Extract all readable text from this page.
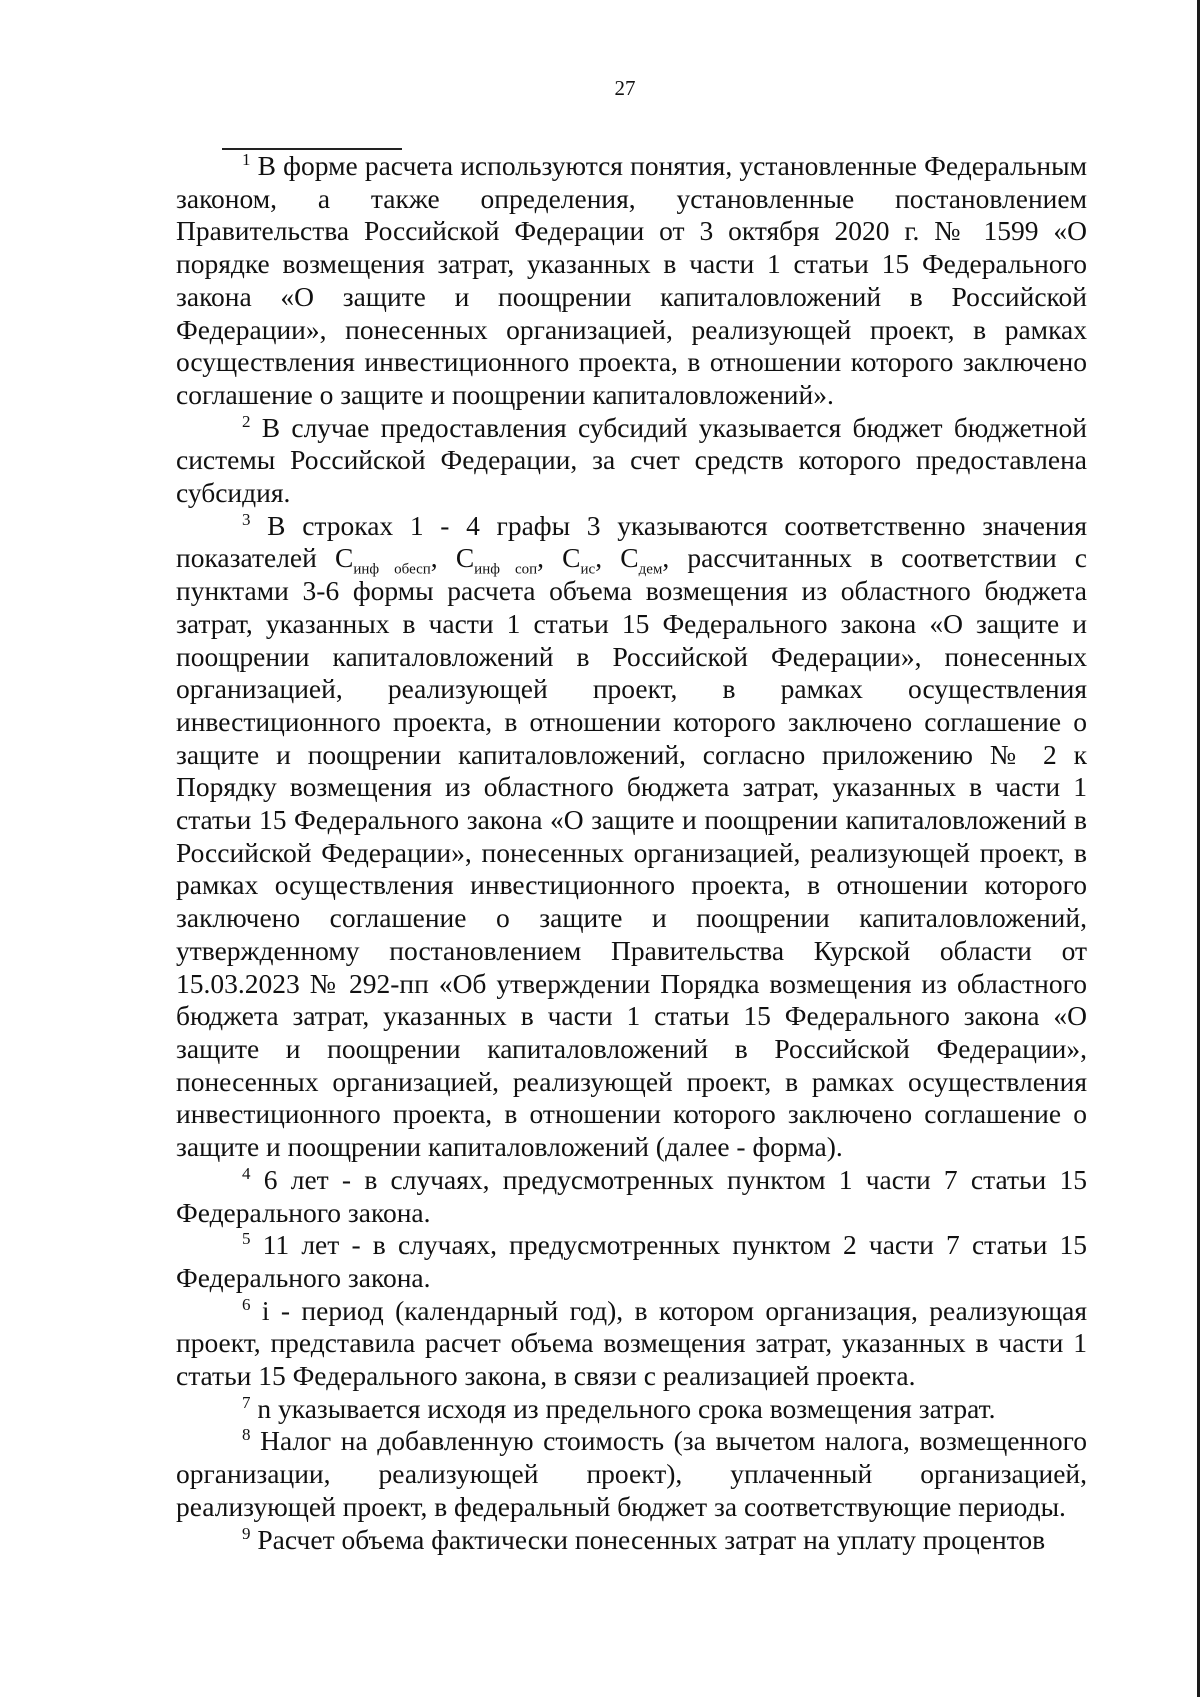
27

$^1$ В форме расчета используются понятия, установленные Федеральным законом, а также определения, установленные постановлением Правительства Российской Федерации от 3 октября 2020 г. № 1599 «О порядке возмещения затрат, указанных в части 1 статьи 15 Федерального закона «О защите и поощрении капиталовложений в Российской Федерации», понесенных организацией, реализующей проект, в рамках осуществления инвестиционного проекта, в отношении которого заключено соглашение о защите и поощрении капиталовложений».

$^2$ В случае предоставления субсидий указывается бюджет бюджетной системы Российской Федерации, за счет средств которого предоставлена субсидия.

$^3$ В строках 1 - 4 графы 3 указываются соответственно значения показателей $С_{инф обесп}$, $С_{инф соп}$, $С_{ис}$, $С_{дем}$, рассчитанных в соответствии с пунктами 3-6 формы расчета объема возмещения из областного бюджета затрат, указанных в части 1 статьи 15 Федерального закона «О защите и поощрении капиталовложений в Российской Федерации», понесенных организацией, реализующей проект, в рамках осуществления инвестиционного проекта, в отношении которого заключено соглашение о защите и поощрении капиталовложений, согласно приложению № 2 к Порядку возмещения из областного бюджета затрат, указанных в части 1 статьи 15 Федерального закона «О защите и поощрении капиталовложений в Российской Федерации», понесенных организацией, реализующей проект, в рамках осуществления инвестиционного проекта, в отношении которого заключено соглашение о защите и поощрении капиталовложений, утвержденному постановлением Правительства Курской области от 15.03.2023 № 292-пп «Об утверждении Порядка возмещения из областного бюджета затрат, указанных в части 1 статьи 15 Федерального закона «О защите и поощрении капиталовложений в Российской Федерации», понесенных организацией, реализующей проект, в рамках осуществления инвестиционного проекта, в отношении которого заключено соглашение о защите и поощрении капиталовложений (далее - форма).

$^4$ 6 лет - в случаях, предусмотренных пунктом 1 части 7 статьи 15 Федерального закона.

$^5$ 11 лет - в случаях, предусмотренных пунктом 2 части 7 статьи 15 Федерального закона.

$^6$ i - период (календарный год), в котором организация, реализующая проект, представила расчет объема возмещения затрат, указанных в части 1 статьи 15 Федерального закона, в связи с реализацией проекта.

$^7$ n указывается исходя из предельного срока возмещения затрат.

$^8$ Налог на добавленную стоимость (за вычетом налога, возмещенного организации, реализующей проект), уплаченный организацией, реализующей проект, в федеральный бюджет за соответствующие периоды.

$^9$ Расчет объема фактически понесенных затрат на уплату процентов
